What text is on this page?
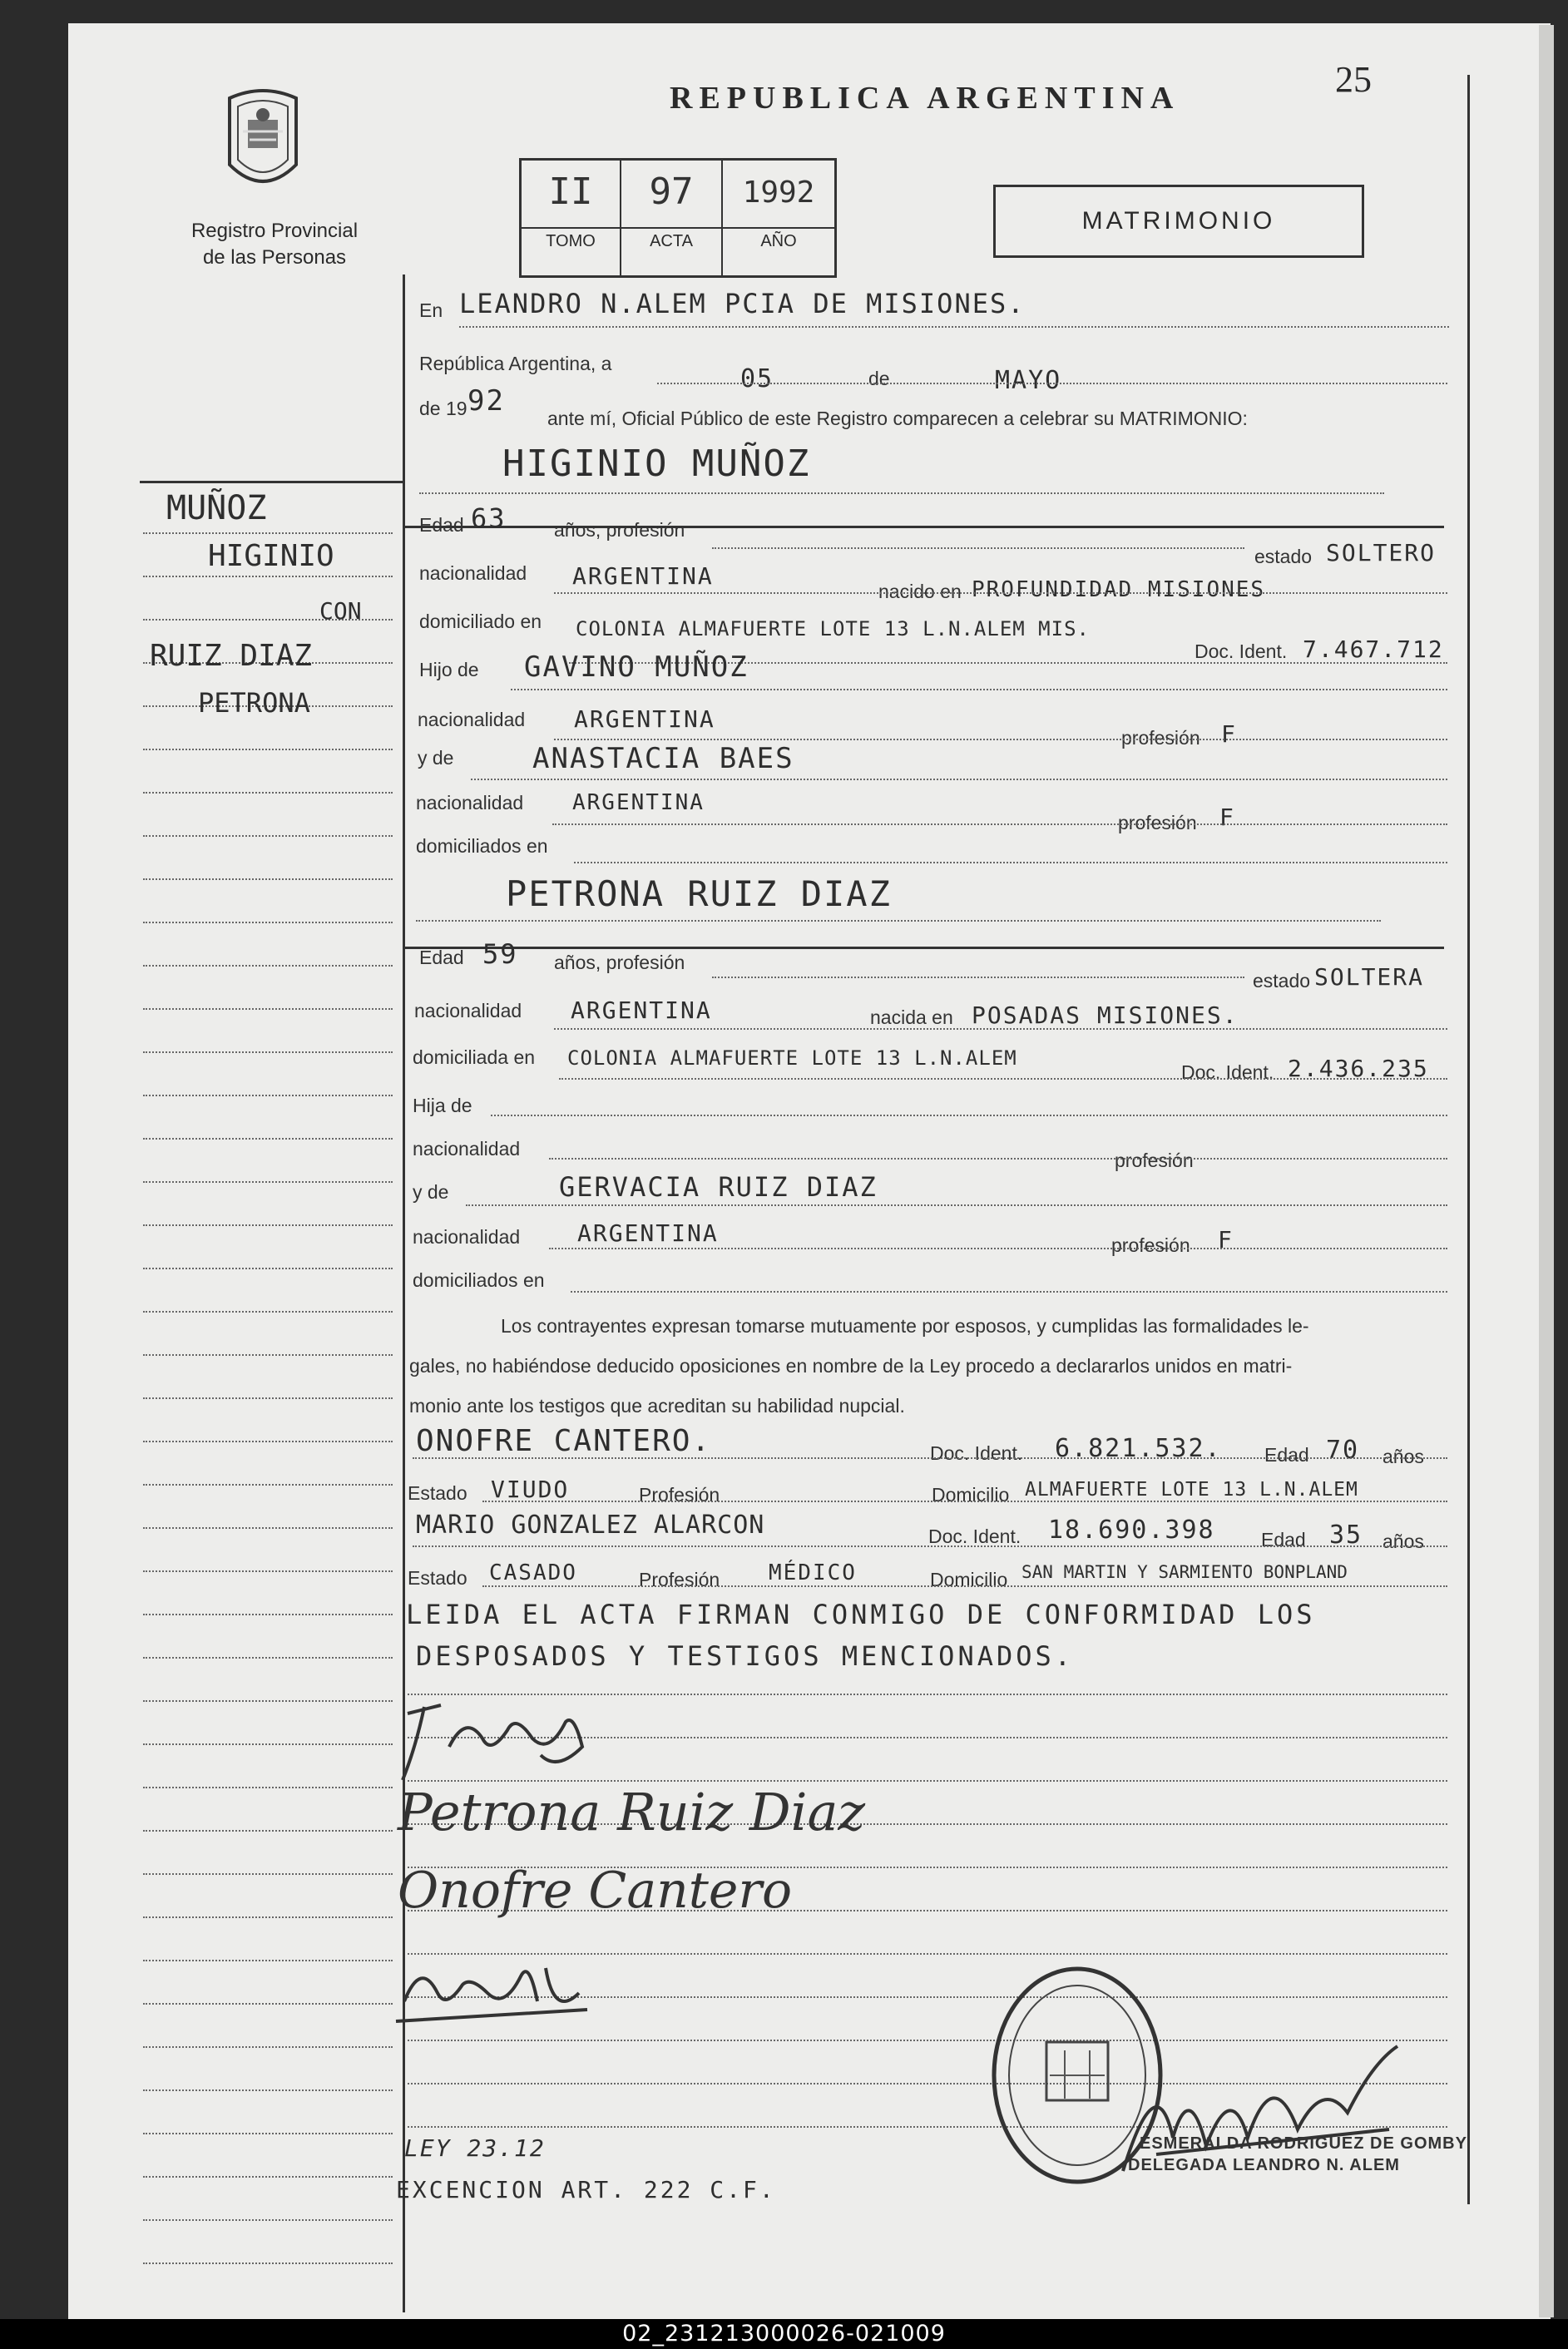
Registro Provincial
de las Personas
25
REPUBLICA ARGENTINA
II
TOMO
97
ACTA
1992
AÑO
MATRIMONIO
MUÑOZ
HIGINIO
CON
RUIZ DIAZ
PETRONA
En LEANDRO N.ALEM PCIA DE MISIONES.
República Argentina, a
05	de	MAYO
de 19 92
ante mí, Oficial Público de este Registro comparecen a celebrar su MATRIMONIO:
HIGINIO MUÑOZ
Edad 63 años, profesión
estado SOLTERO
nacionalidad ARGENTINA
nacido en PROFUNDIDAD MISIONES
domiciliado en COLONIA ALMAFUERTE LOTE 13 L.N.ALEM MIS.
Doc. Ident. 7.467.712
Hijo de GAVINO MUÑOZ
nacionalidad ARGENTINA
profesión F
y de	ANASTACIA BAES
nacionalidad ARGENTINA
profesión F
domiciliados en
PETRONA RUIZ DIAZ
Edad 59 años, profesión
estado SOLTERA
nacionalidad ARGENTINA	nacida en POSADAS MISIONES.
domiciliada en COLONIA ALMAFUERTE LOTE 13 L.N.ALEM
Doc. Ident. 2.436.235
Hija de
nacionalidad
profesión
y de	GERVACIA RUIZ DIAZ
nacionalidad ARGENTINA	profesión F
domiciliados en
Los contrayentes expresan tomarse mutuamente por esposos, y cumplidas las formalidades le-
gales, no habiéndose deducido oposiciones en nombre de la Ley procedo a declararlos unidos en matri-
monio ante los testigos que acreditan su habilidad nupcial.
ONOFRE CANTERO.	Doc. Ident. 6.821.532. Edad 70 años
Estado VIUDO	Profesión	Domicilio ALMAFUERTE LOTE 13 L.N.ALEM
MARIO GONZALEZ ALARCON	Doc. Ident. 18.690.398 Edad 35 años
Estado CASADO	Profesión MÉDICO	Domicilio SAN MARTIN Y SARMIENTO BONPLAND
LEIDA EL ACTA FIRMAN CONMIGO DE CONFORMIDAD LOS
DESPOSADOS Y TESTIGOS MENCIONADOS.
Petrona Ruiz Diaz
Onofre Cantero
ESMERALDA RODRIGUEZ DE GOMBY
DELEGADA LEANDRO N. ALEM
LEY 23.12
EXCENCION ART. 222 C.F.
02_231213000026-021009
